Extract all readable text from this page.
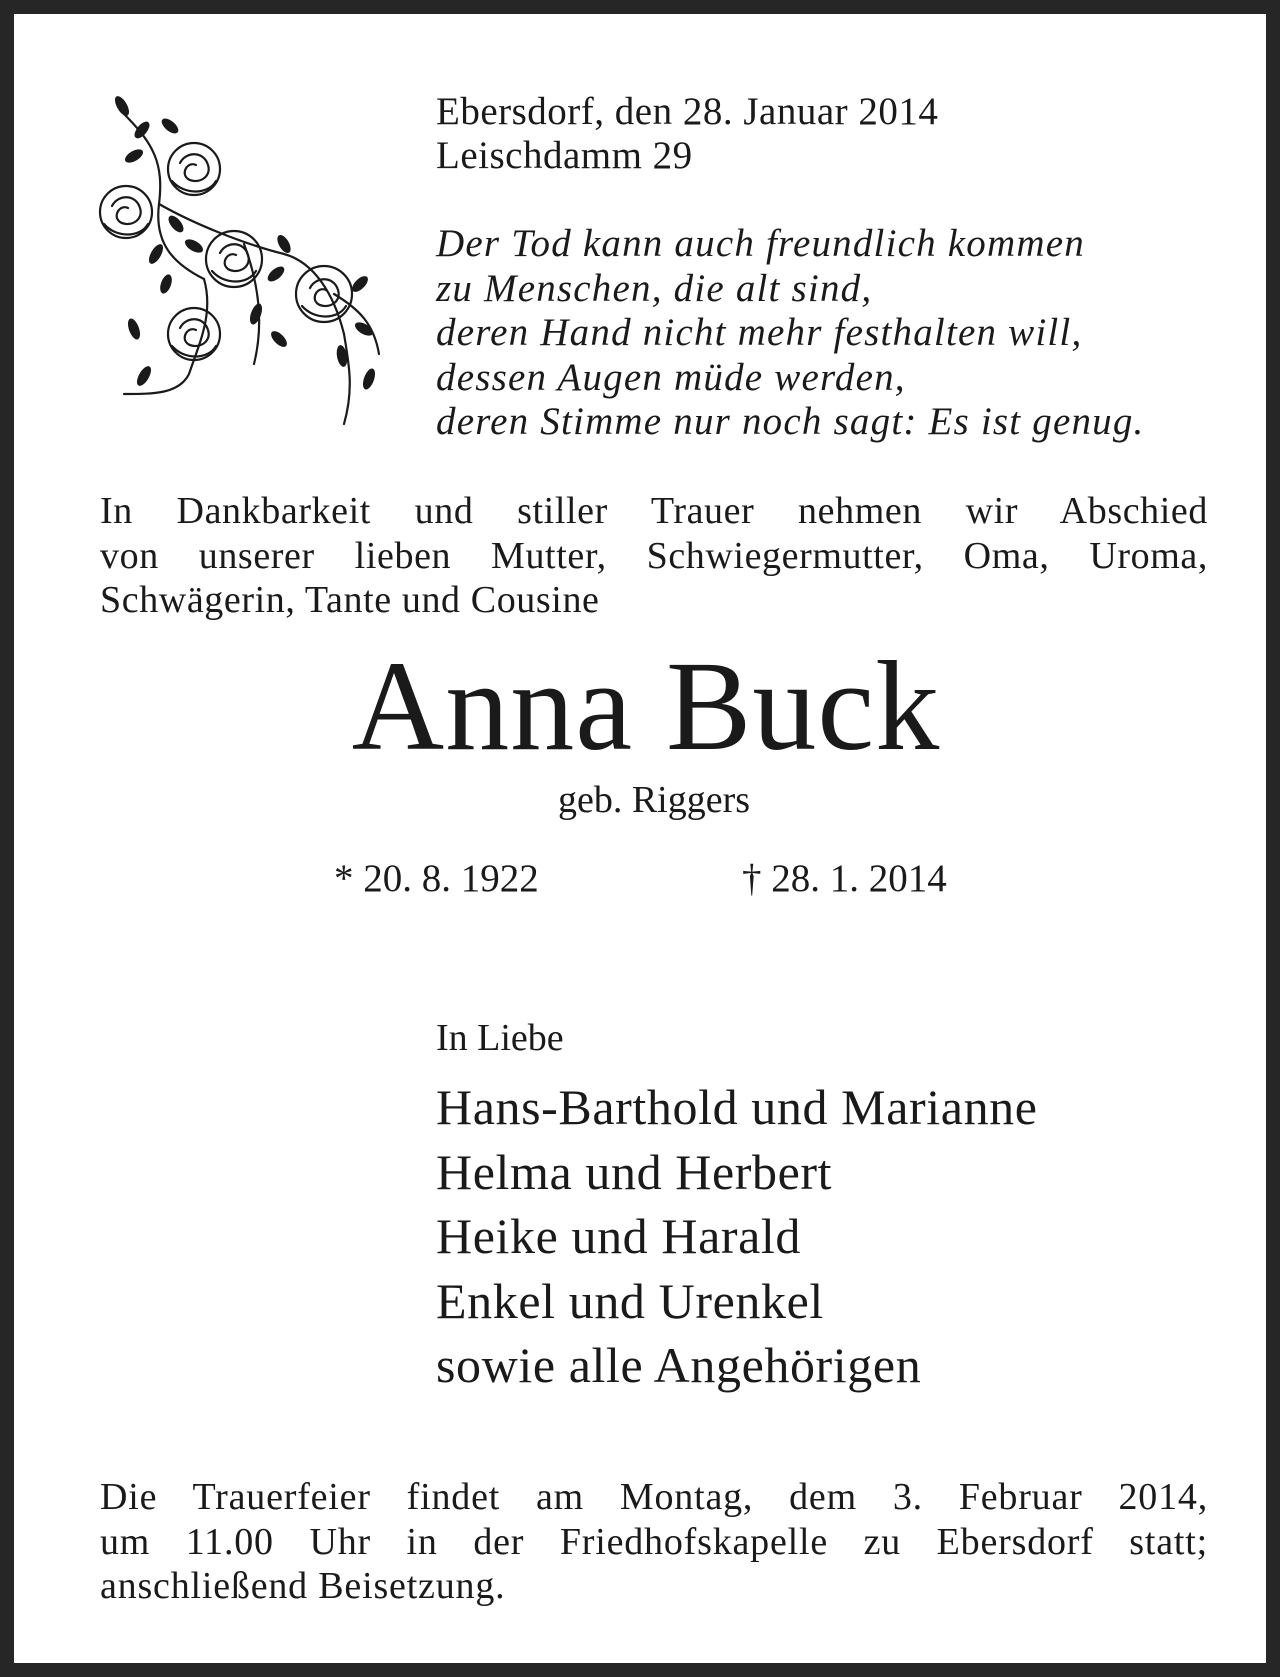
Ebersdorf, den 28. Januar 2014
Leischdamm 29
Der Tod kann auch freundlich kommen
zu Menschen, die alt sind,
deren Hand nicht mehr festhalten will,
dessen Augen müde werden,
deren Stimme nur noch sagt: Es ist genug.
In Dankbarkeit und stiller Trauer nehmen wir Abschied
von unserer lieben Mutter, Schwiegermutter, Oma, Uroma,
Schwägerin, Tante und Cousine
Anna Buck
geb. Riggers
* 20. 8. 1922	† 28. 1. 2014
In Liebe
Hans-Barthold und Marianne
Helma und Herbert
Heike und Harald
Enkel und Urenkel
sowie alle Angehörigen
Die Trauerfeier findet am Montag, dem 3. Februar 2014,
um 11.00 Uhr in der Friedhofskapelle zu Ebersdorf statt;
anschließend Beisetzung.
